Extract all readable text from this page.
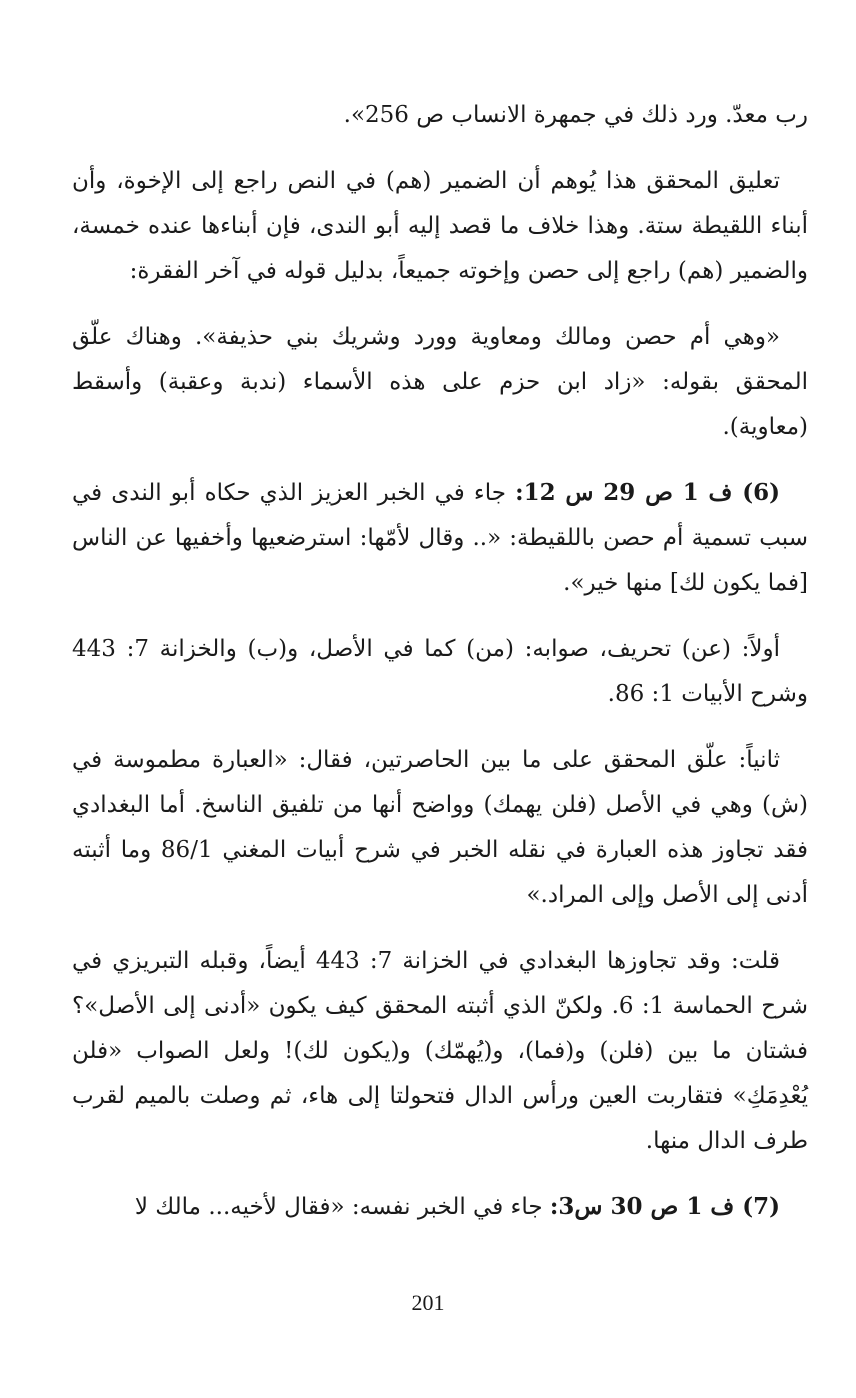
رب معدّ. ورد ذلك في جمهرة الانساب ص 256».

تعليق المحقق هذا يُوهم أن الضمير (هم) في النص راجع إلى الإخوة، وأن أبناء اللقيطة ستة. وهذا خلاف ما قصد إليه أبو الندى، فإن أبناءها عنده خمسة، والضمير (هم) راجع إلى حصن وإخوته جميعاً، بدليل قوله في آخر الفقرة:

«وهي أم حصن ومالك ومعاوية وورد وشريك بني حذيفة». وهناك علّق المحقق بقوله: «زاد ابن حزم على هذه الأسماء (ندبة وعقبة) وأسقط (معاوية).

(6) ف 1 ص 29 س 12: جاء في الخبر العزيز الذي حكاه أبو الندى في سبب تسمية أم حصن باللقيطة: «.. وقال لأمّها: استرضعيها وأخفيها عن الناس [فما يكون لك] منها خير».

أولاً: (عن) تحريف، صوابه: (من) كما في الأصل، و(ب) والخزانة 7: 443 وشرح الأبيات 1: 86.

ثانياً: علّق المحقق على ما بين الحاصرتين، فقال: «العبارة مطموسة في (ش) وهي في الأصل (فلن يهمك) وواضح أنها من تلفيق الناسخ. أما البغدادي فقد تجاوز هذه العبارة في نقله الخبر في شرح أبيات المغني 86/1 وما أثبته أدنى إلى الأصل وإلى المراد.»

قلت: وقد تجاوزها البغدادي في الخزانة 7: 443 أيضاً، وقبله التبريزي في شرح الحماسة 1: 6. ولكنّ الذي أثبته المحقق كيف يكون «أدنى إلى الأصل»؟ فشتان ما بين (فلن) و(فما)، و(يُهمّك) و(يكون لك)! ولعل الصواب «فلن يُعْدِمَكِ» فتقاربت العين ورأس الدال فتحولتا إلى هاء، ثم وصلت بالميم لقرب طرف الدال منها.

(7) ف 1 ص 30 س3: جاء في الخبر نفسه: «فقال لأخيه... مالك لا

201
